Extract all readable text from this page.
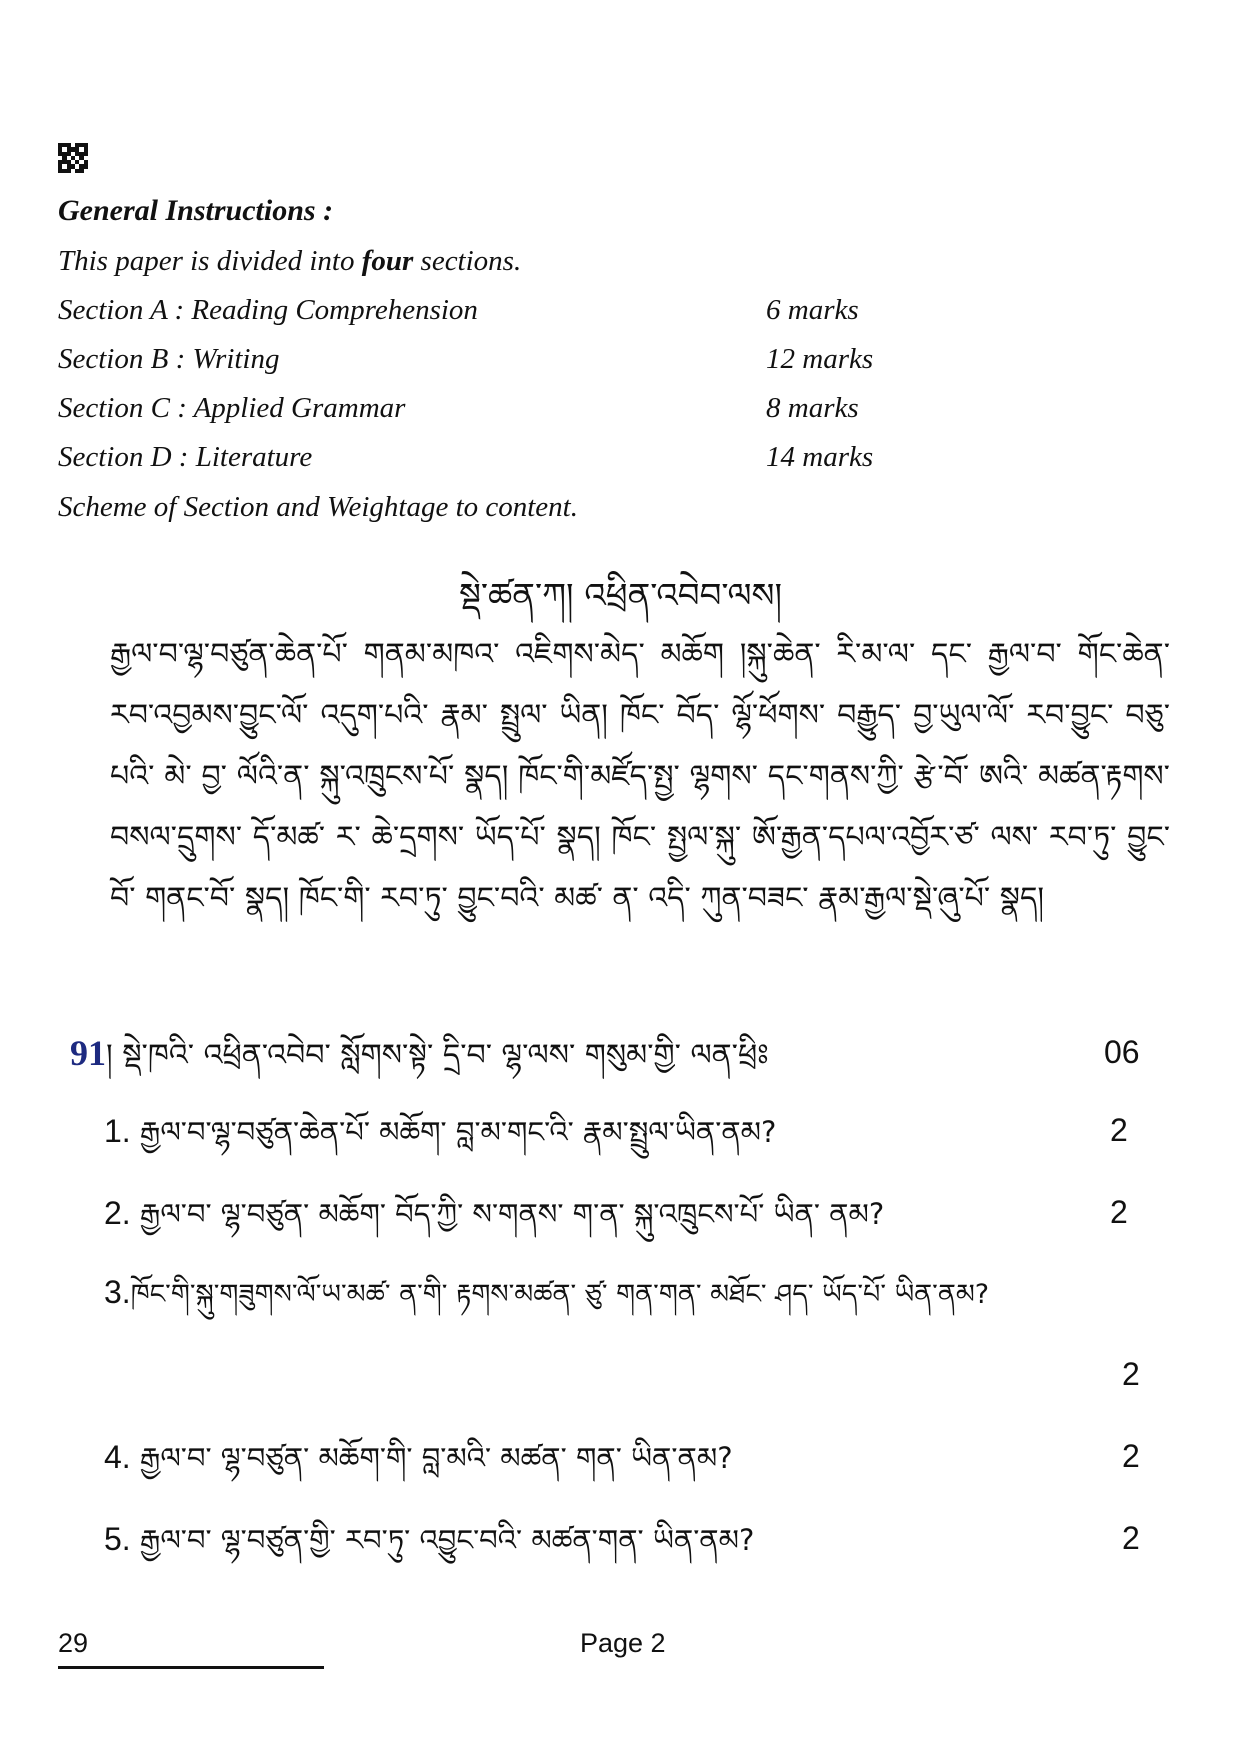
General Instructions :
This paper is divided into four sections.
Section A : Reading Comprehension	6 marks
Section B : Writing	12 marks
Section C : Applied Grammar	8 marks
Section D : Literature	14 marks
Scheme of Section and Weightage to content.
སྡེ་ཚན་ཀ། འཕྲིན་འབེབ་ལས།
རྒྱལ་བ་ལྷ་བཙུན་ཆེན་པོ་ གནམ་མཁའ་ འཇིགས་མེད་ མཆོག །སྐུ་ཆེན་ རི་མ་ལ་ དང་ རྒྱལ་བ་ གོང་ཆེན་ རབ་འབྱམས་བྱུང་ལོ་ འདུག་པའི་ རྣམ་ སྤྲུལ་ ཡིན། ཁོང་ བོད་ ལྷོ་ཕོགས་ བརྒྱུད་ བྱ་ཡུལ་ལོ་ རབ་བྱུང་ བཅུ་པའི་ མེ་ བྱ་ ལོའི་ན་ སྐུ་འཁྲུངས་པོ་ སྣད། ཁོང་གི་མཛོད་སྤྱ་ ལྷགས་ དང་གནས་ཀྱི་ རྩེ་བོ་ ཨའི་ མཚན་རྟགས་ བསལ་དྲུགས་ དོ་མཚ་ ར་ ཆེ་དྲགས་ ཡོད་པོ་ སྣད། ཁོང་ སྤྱལ་སྐུ་ ཨོ་རྒྱན་དཔལ་འབྱོར་ཙ་ ལས་ རབ་ཏུ་ བྱུང་བོ་ གནང་བོ་ སྣད། ཁོང་གི་ རབ་ཏུ་ བྱུང་བའི་ མཚ་ ན་ འདི་ ཀུན་བཟང་ རྣམ་རྒྱལ་སྡེ་ཞུ་པོ་ སྣད།
91། སྡེ་ཁའི་ འཕྲིན་འབེབ་ སློགས་སྟེ་ དྲི་བ་ ལྷ་ལས་ གསུམ་གྱི་ ལན་ཕྲིཿ	06
1. རྒྱལ་བ་ལྷ་བཙུན་ཆེན་པོ་ མཆོག་ བླ་མ་གང་འི་ རྣམ་སྤྲུལ་ཡིན་ནམ?	2
2. རྒྱལ་བ་ ལྷ་བཙུན་ མཆོག་ བོད་ཀྱི་ ས་གནས་ ག་ན་ སྐུ་འཁྲུངས་པོ་ ཡིན་ ནམ?	2
3.ཁོང་གི་སྐུ་གཟུགས་ལོ་ཡ་མཚ་ ན་གི་ རྟགས་མཚན་ ཙུ་ གན་གན་ མཐོང་ ཤད་ ཡོད་པོ་ ཡིན་ནམ?
2
4. རྒྱལ་བ་ ལྷ་བཙུན་ མཆོག་གི་ བླ་མའི་ མཚན་ གན་ ཡིན་ནམ?	2
5. རྒྱལ་བ་ ལྷ་བཙུན་གྱི་ རབ་ཏུ་ འབྱུང་བའི་ མཚན་གན་ ཡིན་ནམ?	2
29	Page 2
